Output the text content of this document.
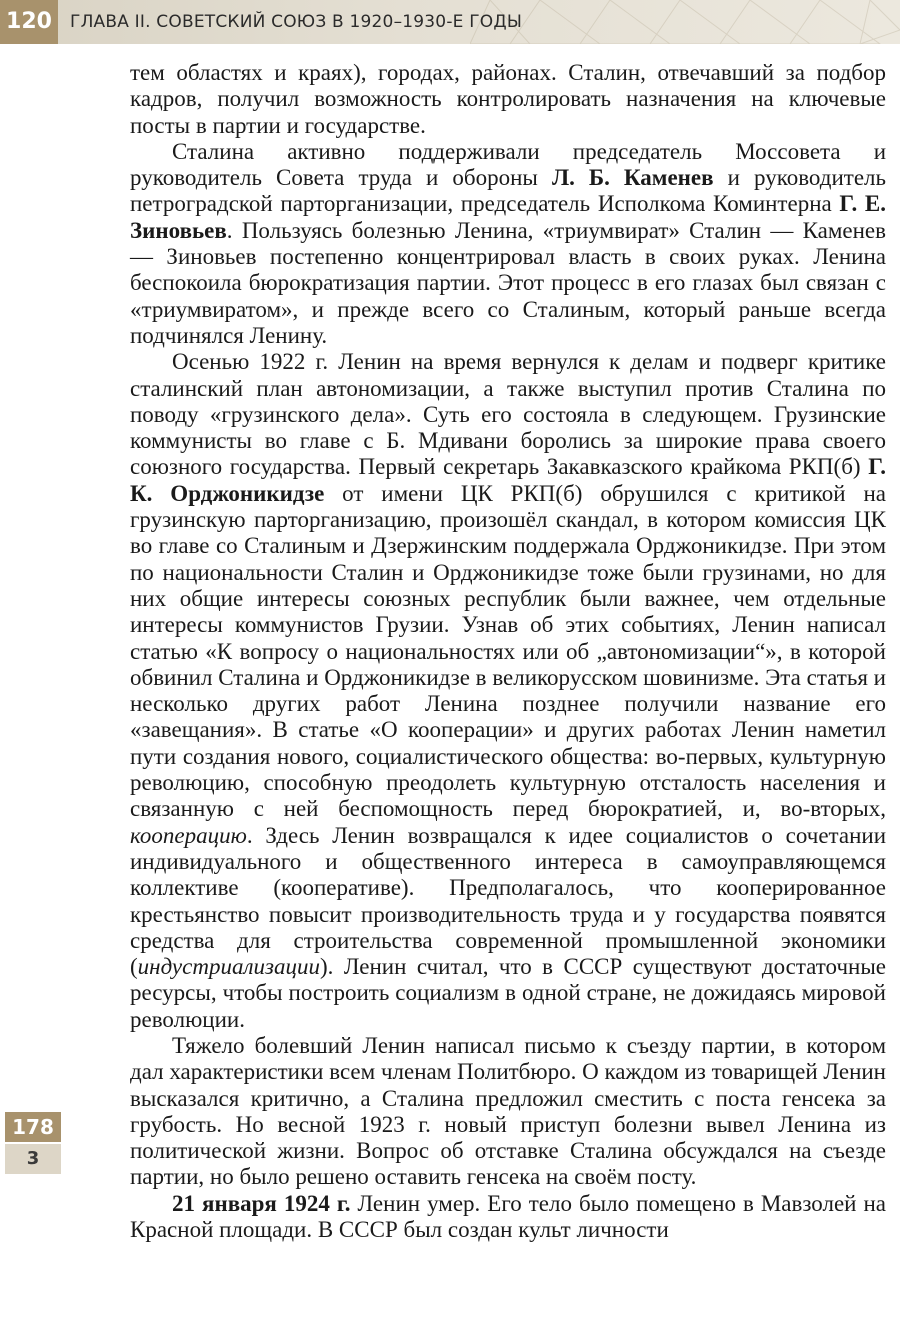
120	ГЛАВА II. СОВЕТСКИЙ СОЮЗ В 1920–1930-Е ГОДЫ
178
3

тем областях и краях), городах, районах. Сталин, отвечавший за подбор кадров, получил возможность контролировать назначения на ключевые посты в партии и государстве.

Сталина активно поддерживали председатель Моссовета и руководитель Совета труда и обороны Л. Б. Каменев и руководитель петроградской парторганизации, председатель Исполкома Коминтерна Г. Е. Зиновьев. Пользуясь болезнью Ленина, «триумвират» Сталин — Каменев — Зиновьев постепенно концентрировал власть в своих руках. Ленина беспокоила бюрократизация партии. Этот процесс в его глазах был связан с «триумвиратом», и прежде всего со Сталиным, который раньше всегда подчинялся Ленину.

Осенью 1922 г. Ленин на время вернулся к делам и подверг критике сталинский план автономизации, а также выступил против Сталина по поводу «грузинского дела». Суть его состояла в следующем. Грузинские коммунисты во главе с Б. Мдивани боролись за широкие права своего союзного государства. Первый секретарь Закавказского крайкома РКП(б) Г. К. Орджоникидзе от имени ЦК РКП(б) обрушился с критикой на грузинскую парторганизацию, произошёл скандал, в котором комиссия ЦК во главе со Сталиным и Дзержинским поддержала Орджоникидзе. При этом по национальности Сталин и Орджоникидзе тоже были грузинами, но для них общие интересы союзных республик были важнее, чем отдельные интересы коммунистов Грузии. Узнав об этих событиях, Ленин написал статью «К вопросу о национальностях или об „автономизации“», в которой обвинил Сталина и Орджоникидзе в великорусском шовинизме. Эта статья и несколько других работ Ленина позднее получили название его «завещания». В статье «О кооперации» и других работах Ленин наметил пути создания нового, социалистического общества: во-первых, культурную революцию, способную преодолеть культурную отсталость населения и связанную с ней беспомощность перед бюрократией, и, во-вторых, кооперацию. Здесь Ленин возвращался к идее социалистов о сочетании индивидуального и общественного интереса в самоуправляющемся коллективе (кооперативе). Предполагалось, что кооперированное крестьянство повысит производительность труда и у государства появятся средства для строительства современной промышленной экономики (индустриализации). Ленин считал, что в СССР существуют достаточные ресурсы, чтобы построить социализм в одной стране, не дожидаясь мировой революции.

Тяжело болевший Ленин написал письмо к съезду партии, в котором дал характеристики всем членам Политбюро. О каждом из товарищей Ленин высказался критично, а Сталина предложил сместить с поста генсека за грубость. Но весной 1923 г. новый приступ болезни вывел Ленина из политической жизни. Вопрос об отставке Сталина обсуждался на съезде партии, но было решено оставить генсека на своём посту.

21 января 1924 г. Ленин умер. Его тело было помещено в Мавзолей на Красной площади. В СССР был создан культ личности
